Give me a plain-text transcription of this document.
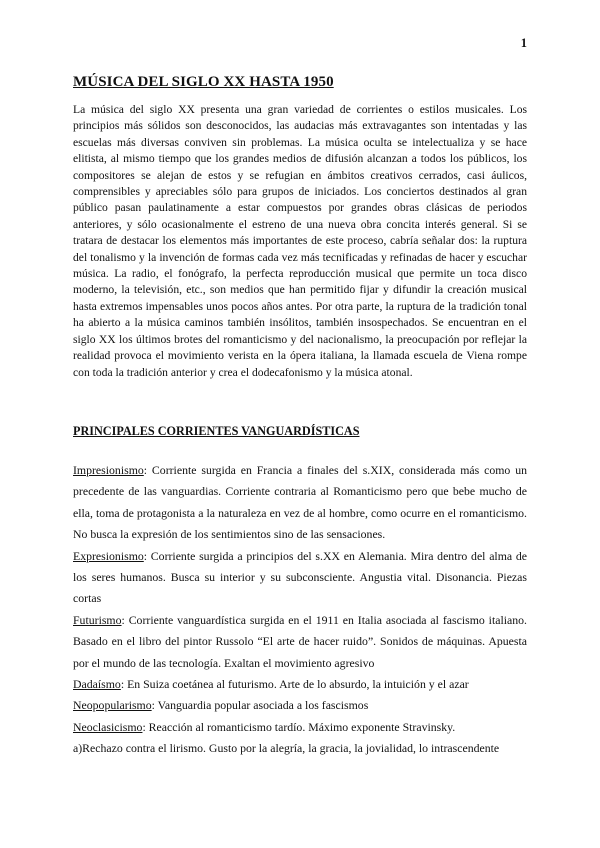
1
MÚSICA DEL SIGLO XX HASTA 1950

La música del siglo XX presenta una gran variedad de corrientes o estilos musicales. Los principios más sólidos son desconocidos, las audacias más extravagantes son intentadas y las escuelas más diversas conviven sin problemas. La música oculta se intelectualiza y se hace elitista, al mismo tiempo que los grandes medios de difusión alcanzan a todos los públicos, los compositores se alejan de estos y se refugian en ámbitos creativos cerrados, casi áulicos, comprensibles y apreciables sólo para grupos de iniciados. Los conciertos destinados al gran público pasan paulatinamente a estar compuestos por grandes obras clásicas de periodos anteriores, y sólo ocasionalmente el estreno de una nueva obra concita interés general. Si se tratara de destacar los elementos más importantes de este proceso, cabría señalar dos: la ruptura del tonalismo y la invención de formas cada vez más tecnificadas y refinadas de hacer y escuchar música. La radio, el fonógrafo, la perfecta reproducción musical que permite un toca disco moderno, la televisión, etc., son medios que han permitido fijar y difundir la creación musical hasta extremos impensables unos pocos años antes. Por otra parte, la ruptura de la tradición tonal ha abierto a la música caminos también insólitos, también insospechados. Se encuentran en el siglo XX los últimos brotes del romanticismo y del nacionalismo, la preocupación por reflejar la realidad provoca el movimiento verista en la ópera italiana, la llamada escuela de Viena rompe con toda la tradición anterior y crea el dodecafonismo y la música atonal.

PRINCIPALES CORRIENTES VANGUARDÍSTICAS
Impresionismo: Corriente surgida en Francia a finales del s.XIX, considerada más como un precedente de las vanguardias. Corriente contraria al Romanticismo pero que bebe mucho de ella, toma de protagonista a la naturaleza en vez de al hombre, como ocurre en el romanticismo. No busca la expresión de los sentimientos sino de las sensaciones.
Expresionismo: Corriente surgida a principios del s.XX en Alemania. Mira dentro del alma de los seres humanos. Busca su interior y su subconsciente. Angustia vital. Disonancia. Piezas cortas
Futurismo: Corriente vanguardística surgida en el 1911 en Italia asociada al fascismo italiano. Basado en el libro del pintor Russolo “El arte de hacer ruido”. Sonidos de máquinas. Apuesta por el mundo de las tecnología. Exaltan el movimiento agresivo
Dadaísmo: En Suiza coetánea al futurismo. Arte de lo absurdo, la intuición y el azar
Neopopularismo: Vanguardia popular asociada a los fascismos
Neoclasicismo: Reacción al romanticismo tardío. Máximo exponente Stravinsky.
a)Rechazo contra el lirismo. Gusto por la alegría, la gracia, la jovialidad, lo intrascendente
